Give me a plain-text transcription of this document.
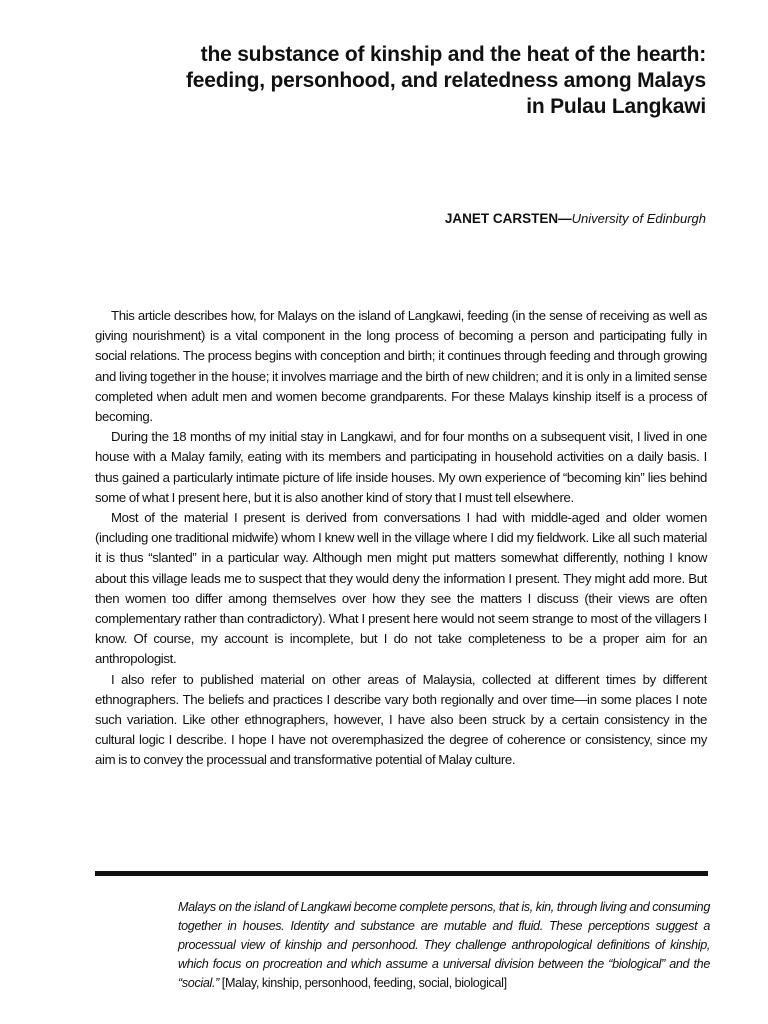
the substance of kinship and the heat of the hearth:
feeding, personhood, and relatedness among Malays
in Pulau Langkawi
JANET CARSTEN—University of Edinburgh

This article describes how, for Malays on the island of Langkawi, feeding (in the sense of receiving as well as giving nourishment) is a vital component in the long process of becoming a person and participating fully in social relations. The process begins with conception and birth; it continues through feeding and through growing and living together in the house; it involves marriage and the birth of new children; and it is only in a limited sense completed when adult men and women become grandparents. For these Malays kinship itself is a process of becoming.

During the 18 months of my initial stay in Langkawi, and for four months on a subsequent visit, I lived in one house with a Malay family, eating with its members and participating in household activities on a daily basis. I thus gained a particularly intimate picture of life inside houses. My own experience of “becoming kin” lies behind some of what I present here, but it is also another kind of story that I must tell elsewhere.

Most of the material I present is derived from conversations I had with middle-aged and older women (including one traditional midwife) whom I knew well in the village where I did my fieldwork. Like all such material it is thus “slanted” in a particular way. Although men might put matters somewhat differently, nothing I know about this village leads me to suspect that they would deny the information I present. They might add more. But then women too differ among themselves over how they see the matters I discuss (their views are often complementary rather than contradictory). What I present here would not seem strange to most of the villagers I know. Of course, my account is incomplete, but I do not take completeness to be a proper aim for an anthropologist.

I also refer to published material on other areas of Malaysia, collected at different times by different ethnographers. The beliefs and practices I describe vary both regionally and over time—in some places I note such variation. Like other ethnographers, however, I have also been struck by a certain consistency in the cultural logic I describe. I hope I have not overemphasized the degree of coherence or consistency, since my aim is to convey the processual and transformative potential of Malay culture.

Malays on the island of Langkawi become complete persons, that is, kin, through living and consuming together in houses. Identity and substance are mutable and fluid. These perceptions suggest a processual view of kinship and personhood. They challenge anthropological definitions of kinship, which focus on procreation and which assume a universal division between the “biological” and the “social.” [Malay, kinship, personhood, feeding, social, biological]
